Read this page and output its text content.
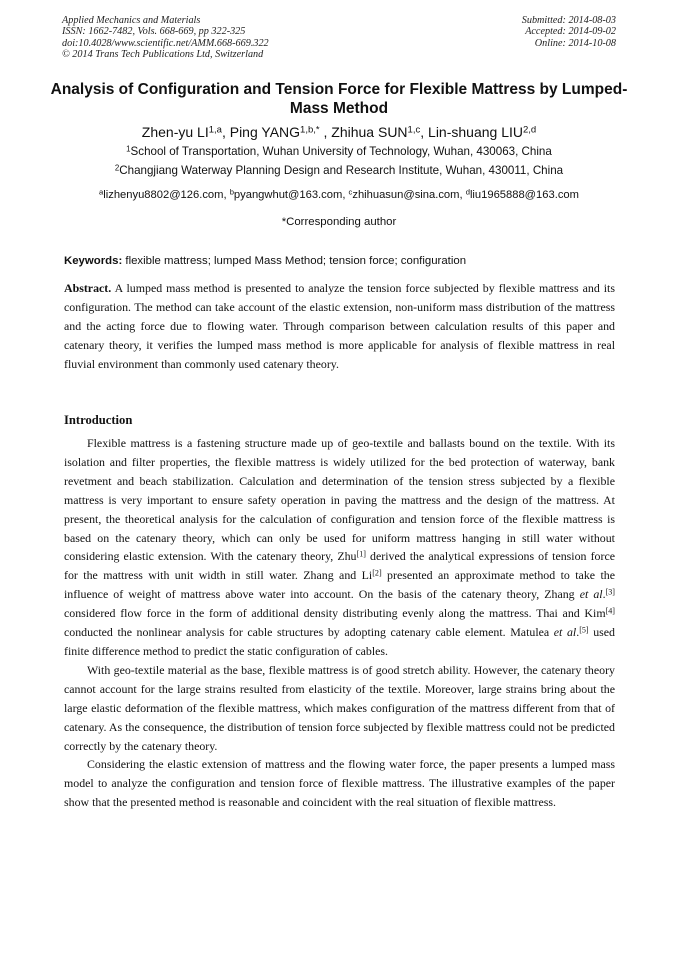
Applied Mechanics and Materials
ISSN: 1662-7482, Vols. 668-669, pp 322-325
doi:10.4028/www.scientific.net/AMM.668-669.322
© 2014 Trans Tech Publications Ltd, Switzerland
Submitted: 2014-08-03
Accepted: 2014-09-02
Online: 2014-10-08
Analysis of Configuration and Tension Force for Flexible Mattress by Lumped-Mass Method
Zhen-yu LI$^{1,a}$, Ping $YANG^{1,b,*}$ , Zhihua SUN$^{1,c}$, Lin-shuang LIU$^{2,d}$
$^1$School of Transportation, Wuhan University of Technology, Wuhan, 430063, China
$^2$Changjiang Waterway Planning Design and Research Institute, Wuhan, 430011, China
$^a$lizhenyu8802@126.com, $^b$pyangwhut@163.com, $^c$zhihuasun@sina.com, $^d$liu1965888@163.com
*Corresponding author
Keywords: flexible mattress; lumped Mass Method; tension force; configuration

Abstract. A lumped mass method is presented to analyze the tension force subjected by flexible mattress and its configuration. The method can take account of the elastic extension, non-uniform mass distribution of the mattress and the acting force due to flowing water. Through comparison between calculation results of this paper and catenary theory, it verifies the lumped mass method is more applicable for analysis of flexible mattress in real fluvial environment than commonly used catenary theory.

Introduction

Flexible mattress is a fastening structure made up of geo-textile and ballasts bound on the textile. With its isolation and filter properties, the flexible mattress is widely utilized for the bed protection of waterway, bank revetment and beach stabilization. Calculation and determination of the tension stress subjected by a flexible mattress is very important to ensure safety operation in paving the mattress and the design of the mattress. At present, the theoretical analysis for the calculation of configuration and tension force of the flexible mattress is based on the catenary theory, which can only be used for uniform mattress hanging in still water without considering elastic extension. With the catenary theory, Zhu[1] derived the analytical expressions of tension force for the mattress with unit width in still water. Zhang and Li[2] presented an approximate method to take the influence of weight of mattress above water into account. On the basis of the catenary theory, Zhang et al.[3] considered flow force in the form of additional density distributing evenly along the mattress. Thai and Kim[4] conducted the nonlinear analysis for cable structures by adopting catenary cable element. Matulea et al.[5] used finite difference method to predict the static configuration of cables.

With geo-textile material as the base, flexible mattress is of good stretch ability. However, the catenary theory cannot account for the large strains resulted from elasticity of the textile. Moreover, large strains bring about the large elastic deformation of the flexible mattress, which makes configuration of the mattress different from that of catenary. As the consequence, the distribution of tension force subjected by flexible mattress could not be predicted correctly by the catenary theory.

Considering the elastic extension of mattress and the flowing water force, the paper presents a lumped mass model to analyze the configuration and tension force of flexible mattress. The illustrative examples of the paper show that the presented method is reasonable and coincident with the real situation of flexible mattress.
